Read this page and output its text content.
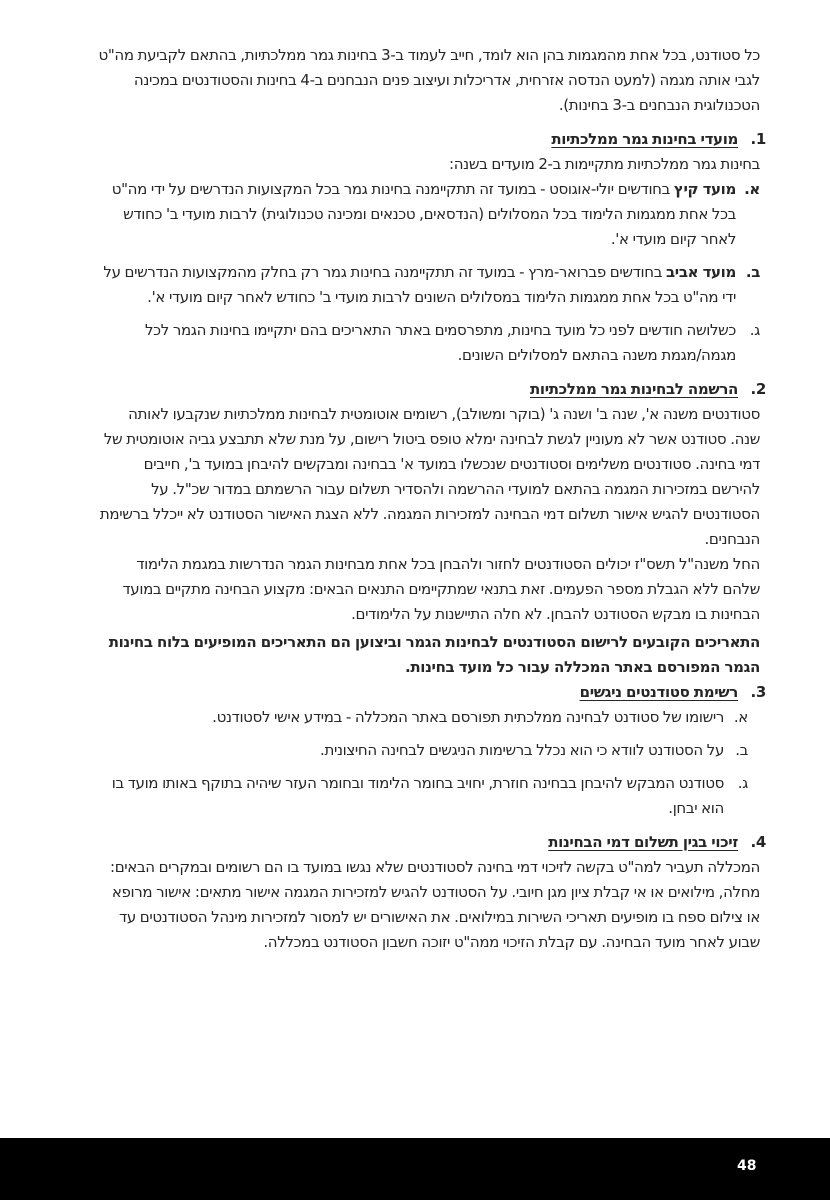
כל סטודנט, בכל אחת מהמגמות בהן הוא לומד, חייב לעמוד ב-3 בחינות גמר ממלכתיות, בהתאם לקביעת מה"ט לגבי אותה מגמה (למעט הנדסה אזרחית, אדריכלות ועיצוב פנים הנבחנים ב-4 בחינות והסטודנטים במכינה הטכנולוגית הנבחנים ב-3 בחינות).

1.
מועדי בחינות גמר ממלכתיות

בחינות גמר ממלכתיות מתקיימות ב-2 מועדים בשנה:

א.
מועד קיץ בחודשים יולי-אוגוסט - במועד זה תתקיימנה בחינות גמר בכל המקצועות הנדרשים על ידי מה"ט בכל אחת ממגמות הלימוד בכל המסלולים (הנדסאים, טכנאים ומכינה טכנולוגית) לרבות מועדי ב' כחודש לאחר קיום מועדי א'.
ב.
מועד אביב בחודשים פברואר-מרץ - במועד זה תתקיימנה בחינות גמר רק בחלק מהמקצועות הנדרשים על ידי מה"ט בכל אחת ממגמות הלימוד במסלולים השונים לרבות מועדי ב' כחודש לאחר קיום מועדי א'.
ג.
כשלושה חודשים לפני כל מועד בחינות, מתפרסמים באתר התאריכים בהם יתקיימו בחינות הגמר לכל מגמה/מגמת משנה בהתאם למסלולים השונים.
2.
הרשמה לבחינות גמר ממלכתיות

סטודנטים משנה א', שנה ב' ושנה ג' (בוקר ומשולב), רשומים אוטומטית לבחינות ממלכתיות שנקבעו לאותה שנה. סטודנט אשר לא מעוניין לגשת לבחינה ימלא טופס ביטול רישום, על מנת שלא תתבצע גביה אוטומטית של דמי בחינה. סטודנטים משלימים וסטודנטים שנכשלו במועד א' בבחינה ומבקשים להיבחן במועד ב', חייבים להירשם במזכירות המגמה בהתאם למועדי ההרשמה ולהסדיר תשלום עבור הרשמתם במדור שכ"ל. על הסטודנטים להגיש אישור תשלום דמי הבחינה למזכירות המגמה. ללא הצגת האישור הסטודנט לא ייכלל ברשימת הנבחנים.

החל משנה"ל תשס"ז יכולים הסטודנטים לחזור ולהבחן בכל אחת מבחינות הגמר הנדרשות במגמת הלימוד שלהם ללא הגבלת מספר הפעמים. זאת בתנאי שמתקיימים התנאים הבאים: מקצוע הבחינה מתקיים במועד הבחינות בו מבקש הסטודנט להבחן. לא חלה התיישנות על הלימודים.

התאריכים הקובעים לרישום הסטודנטים לבחינות הגמר וביצוען הם התאריכים המופיעים בלוח בחינות הגמר המפורסם באתר המכללה עבור כל מועד בחינות.

3.
רשימת סטודנטים ניגשים
א.
רישומו של סטודנט לבחינה ממלכתית תפורסם באתר המכללה - במידע אישי לסטודנט.
ב.
על הסטודנט לוודא כי הוא נכלל ברשימות הניגשים לבחינה החיצונית.
ג.
סטודנט המבקש להיבחן בבחינה חוזרת, יחויב בחומר הלימוד ובחומר העזר שיהיה בתוקף באותו מועד בו הוא יבחן.
4.
זיכוי בגין תשלום דמי הבחינות

המכללה תעביר למה"ט בקשה לזיכוי דמי בחינה לסטודנטים שלא נגשו במועד בו הם רשומים ובמקרים הבאים: מחלה, מילואים או אי קבלת ציון מגן חיובי. על הסטודנט להגיש למזכירות המגמה אישור מתאים: אישור מרופא או צילום ספח בו מופיעים תאריכי השירות במילואים. את האישורים יש למסור למזכירות מינהל הסטודנטים עד שבוע לאחר מועד הבחינה. עם קבלת הזיכוי ממה"ט יזוכה חשבון הסטודנט במכללה.

48
